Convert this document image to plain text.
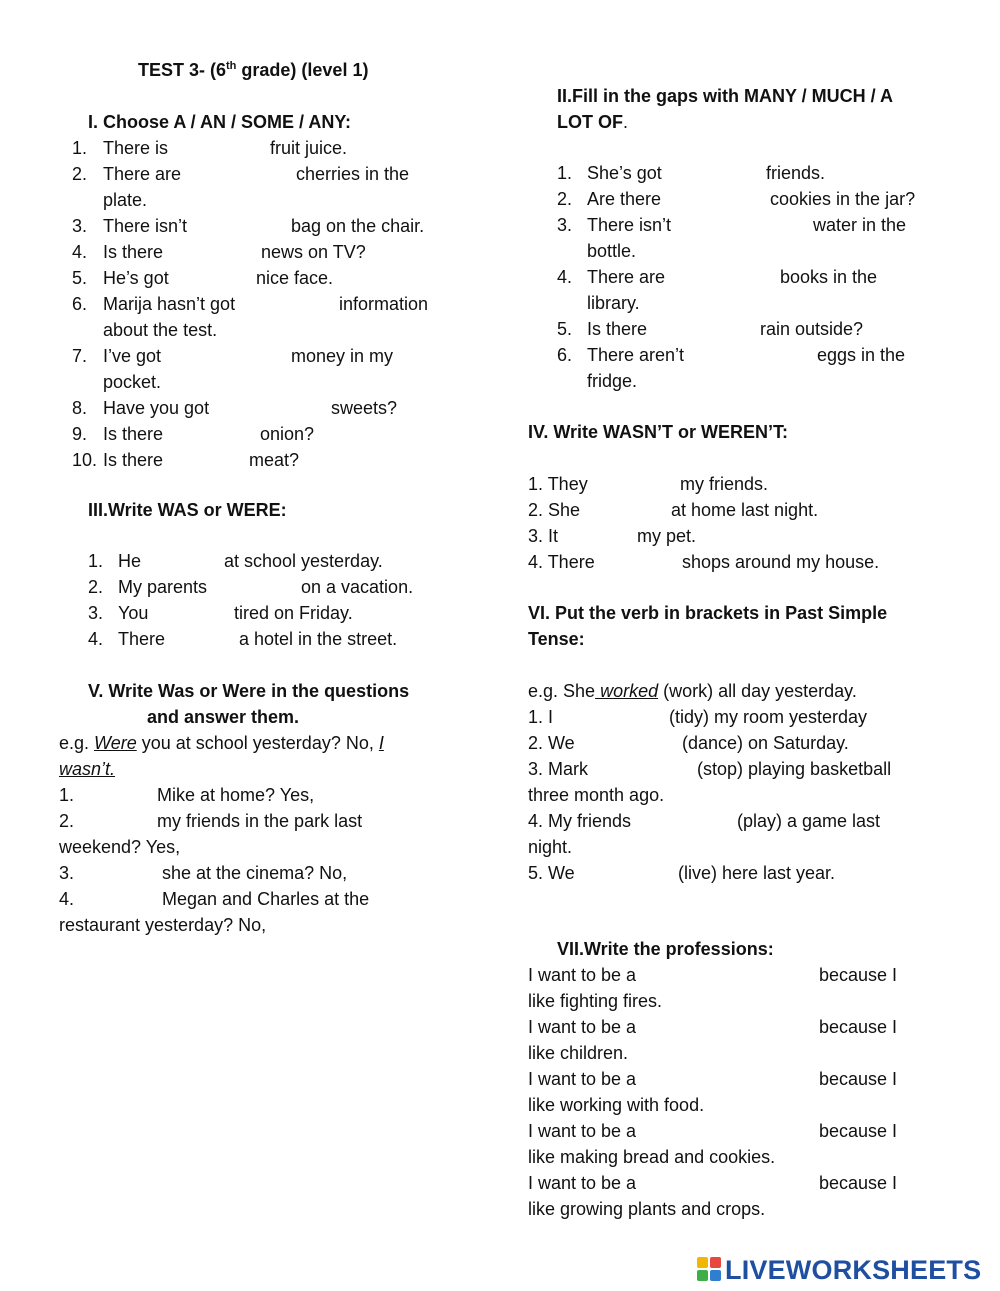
TEST 3- (6th grade) (level 1)
I. Choose A / AN / SOME / ANY:
1. There is	fruit juice.
2. There are	cherries in the
plate.
3. There isn’t	bag on the chair.
4. Is there	news on TV?
5. He’s got	nice face.
6. Marija hasn’t got	information
about the test.
7. I’ve got	money in my
pocket.
8. Have you got	sweets?
9. Is there	onion?
10. Is there	meat?
II.Fill in the gaps with MANY / MUCH / A
LOT OF.
1. She’s got	friends.
2. Are there	cookies in the jar?
3. There isn’t	water in the
bottle.
4. There are	books in the
library.
5. Is there	rain outside?
6. There aren’t	eggs in the
fridge.
III.Write WAS or WERE:
1. He	at school yesterday.
2. My parents	on a vacation.
3. You	tired on Friday.
4. There	a hotel in the street.
IV. Write WASN’T or WEREN’T:
1. They	my friends.
2. She	at home last night.
3. It	my pet.
4. There	shops around my house.
V. Write Was or Were in the questions
and answer them.
e.g. Were you at school yesterday? No, I
wasn’t.
1.	Mike at home? Yes,
2.	my friends in the park last
weekend? Yes,
3.	she at the cinema? No,
4.	Megan and Charles at the
restaurant yesterday? No,
VI. Put the verb in brackets in Past Simple
Tense:
e.g. She worked (work) all day yesterday.
1. I	(tidy) my room yesterday
2. We	(dance) on Saturday.
3. Mark	(stop) playing basketball
three month ago.
4. My friends	(play) a game last
night.
5. We	(live) here last year.
VII.Write the professions:
I want to be a	because I
like fighting fires.
I want to be a	because I
like children.
I want to be a	because I
like working with food.
I want to be a	because I
like making bread and cookies.
I want to be a	because I
like growing plants and crops.
LIVEWORKSHEETS
